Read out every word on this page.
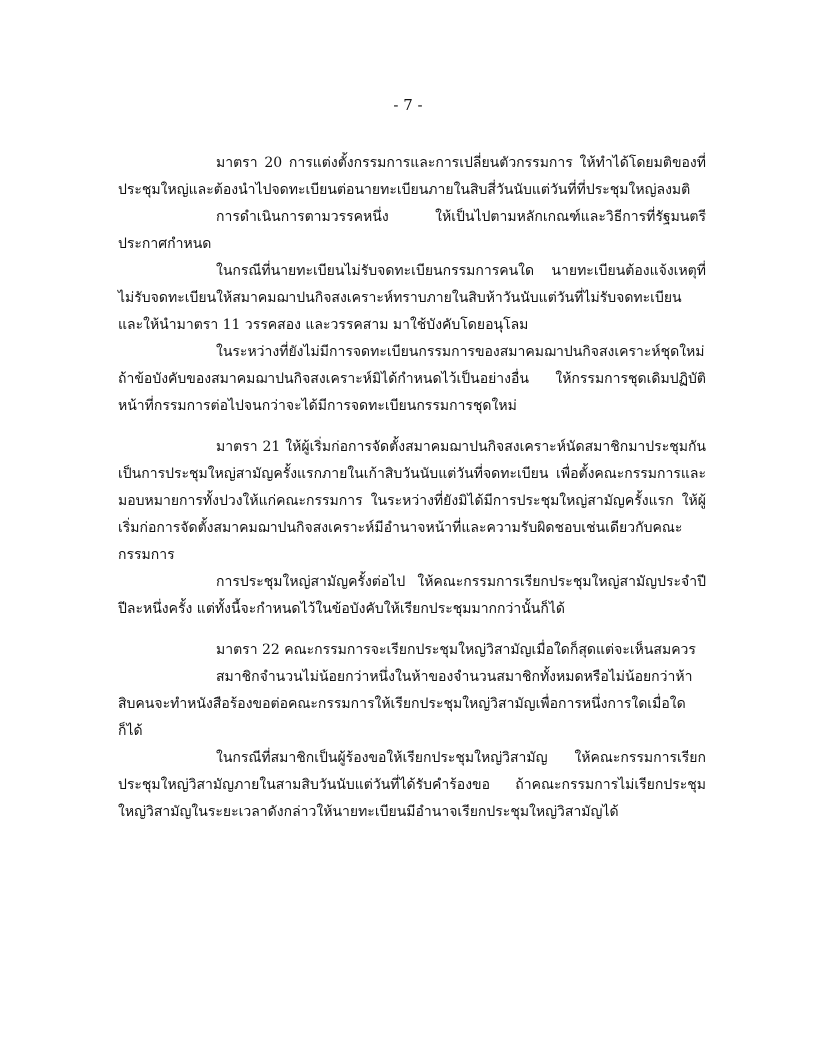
- 7 -

มาตรา 20 การแต่งตั้งกรรมการและการเปลี่ยนตัวกรรมการ ให้ทำได้โดยมติของที่ประชุมใหญ่และต้องนำไปจดทะเบียนต่อนายทะเบียนภายในสิบสี่วันนับแต่วันที่ที่ประชุมใหญ่ลงมติ

การดำเนินการตามวรรคหนึ่ง ให้เป็นไปตามหลักเกณฑ์และวิธีการที่รัฐมนตรีประกาศกำหนด

ในกรณีที่นายทะเบียนไม่รับจดทะเบียนกรรมการคนใด นายทะเบียนต้องแจ้งเหตุที่ไม่รับจดทะเบียนให้สมาคมฌาปนกิจสงเคราะห์ทราบภายในสิบห้าวันนับแต่วันที่ไม่รับจดทะเบียน และให้นำมาตรา 11 วรรคสอง และวรรคสาม มาใช้บังคับโดยอนุโลม

ในระหว่างที่ยังไม่มีการจดทะเบียนกรรมการของสมาคมฌาปนกิจสงเคราะห์ชุดใหม่ ถ้าข้อบังคับของสมาคมฌาปนกิจสงเคราะห์มิได้กำหนดไว้เป็นอย่างอื่น ให้กรรมการชุดเดิมปฏิบัติหน้าที่กรรมการต่อไปจนกว่าจะได้มีการจดทะเบียนกรรมการชุดใหม่

มาตรา 21 ให้ผู้เริ่มก่อการจัดตั้งสมาคมฌาปนกิจสงเคราะห์นัดสมาชิกมาประชุมกันเป็นการประชุมใหญ่สามัญครั้งแรกภายในเก้าสิบวันนับแต่วันที่จดทะเบียน เพื่อตั้งคณะกรรมการและมอบหมายการทั้งปวงให้แก่คณะกรรมการ ในระหว่างที่ยังมิได้มีการประชุมใหญ่สามัญครั้งแรก ให้ผู้เริ่มก่อการจัดตั้งสมาคมฌาปนกิจสงเคราะห์มีอำนาจหน้าที่และความรับผิดชอบเช่นเดียวกับคณะกรรมการ

การประชุมใหญ่สามัญครั้งต่อไป ให้คณะกรรมการเรียกประชุมใหญ่สามัญประจำปีปีละหนึ่งครั้ง แต่ทั้งนี้จะกำหนดไว้ในข้อบังคับให้เรียกประชุมมากกว่านั้นก็ได้

มาตรา 22 คณะกรรมการจะเรียกประชุมใหญ่วิสามัญเมื่อใดก็สุดแต่จะเห็นสมควร

สมาชิกจำนวนไม่น้อยกว่าหนึ่งในห้าของจำนวนสมาชิกทั้งหมดหรือไม่น้อยกว่าห้าสิบคนจะทำหนังสือร้องขอต่อคณะกรรมการให้เรียกประชุมใหญ่วิสามัญเพื่อการหนึ่งการใดเมื่อใดก็ได้

ในกรณีที่สมาชิกเป็นผู้ร้องขอให้เรียกประชุมใหญ่วิสามัญ ให้คณะกรรมการเรียกประชุมใหญ่วิสามัญภายในสามสิบวันนับแต่วันที่ได้รับคำร้องขอ ถ้าคณะกรรมการไม่เรียกประชุมใหญ่วิสามัญในระยะเวลาดังกล่าวให้นายทะเบียนมีอำนาจเรียกประชุมใหญ่วิสามัญได้
